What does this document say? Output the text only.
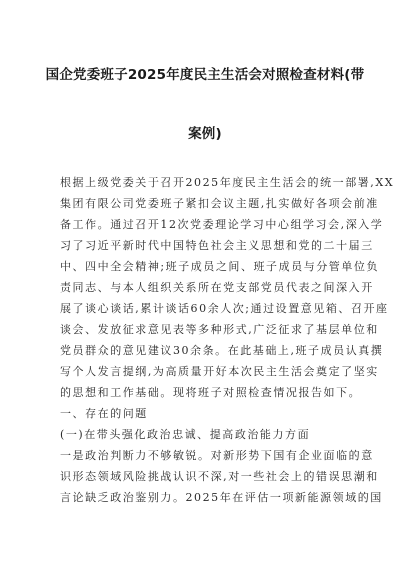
国企党委班子2025年度民主生活会对照检查材料(带
案例)
根据上级党委关于召开2025年度民主生活会的统一部署,XX
集团有限公司党委班子紧扣会议主题,扎实做好各项会前准
备工作。通过召开12次党委理论学习中心组学习会,深入学
习了习近平新时代中国特色社会主义思想和党的二十届三
中、四中全会精神;班子成员之间、班子成员与分管单位负
责同志、与本人组织关系所在党支部党员代表之间深入开
展了谈心谈话,累计谈话60余人次;通过设置意见箱、召开座
谈会、发放征求意见表等多种形式,广泛征求了基层单位和
党员群众的意见建议30余条。在此基础上,班子成员认真撰
写个人发言提纲,为高质量开好本次民主生活会奠定了坚实
的思想和工作基础。现将班子对照检查情况报告如下。
一、存在的问题
(一)在带头强化政治忠诚、提高政治能力方面
一是政治判断力不够敏锐。对新形势下国有企业面临的意
识形态领域风险挑战认识不深,对一些社会上的错误思潮和
言论缺乏政治鉴别力。2025年在评估一项新能源领域的国
